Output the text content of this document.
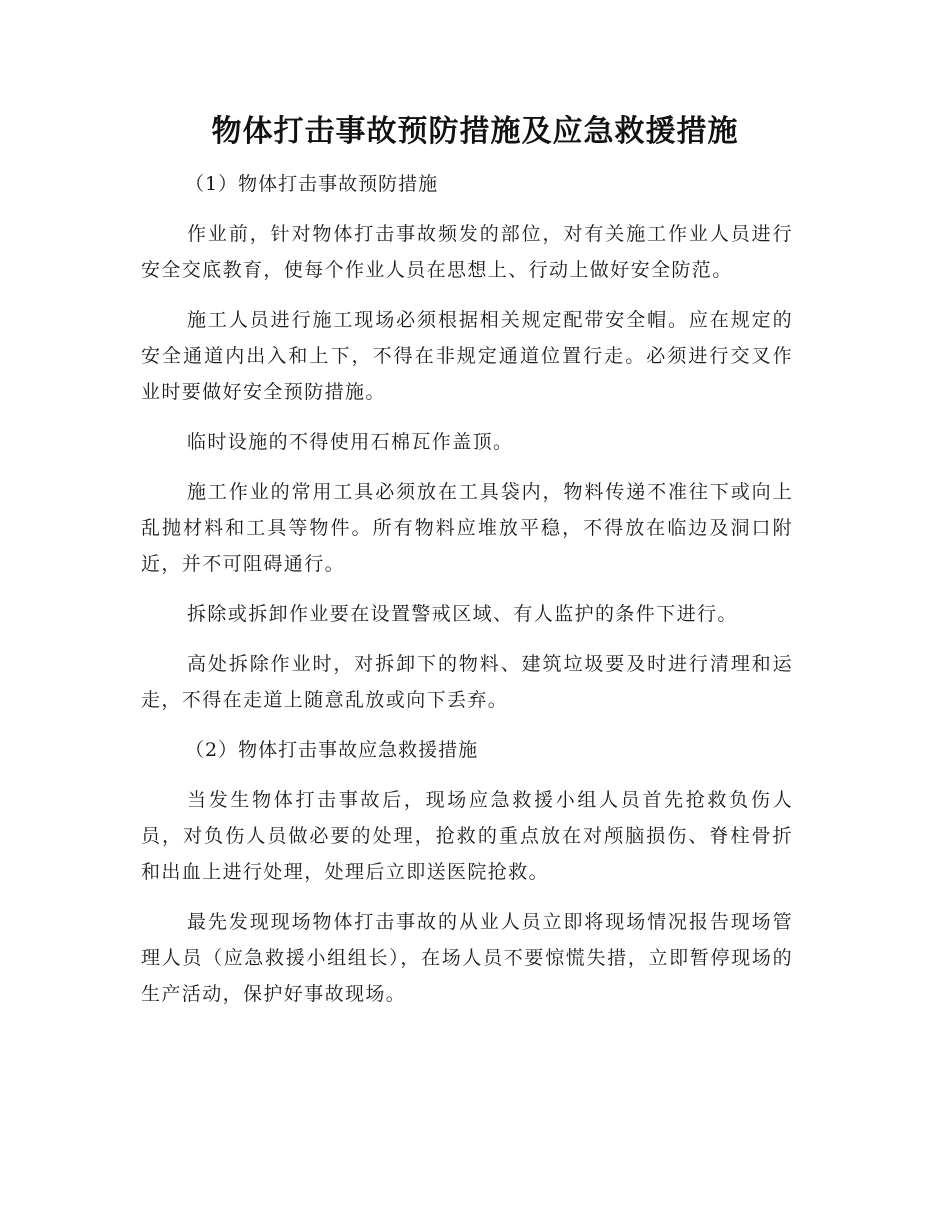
物体打击事故预防措施及应急救援措施
（1）物体打击事故预防措施

作业前，针对物体打击事故频发的部位，对有关施工作业人员进行安全交底教育，使每个作业人员在思想上、行动上做好安全防范。

施工人员进行施工现场必须根据相关规定配带安全帽。应在规定的安全通道内出入和上下，不得在非规定通道位置行走。必须进行交叉作业时要做好安全预防措施。

临时设施的不得使用石棉瓦作盖顶。

施工作业的常用工具必须放在工具袋内，物料传递不准往下或向上乱抛材料和工具等物件。所有物料应堆放平稳，不得放在临边及洞口附近，并不可阻碍通行。

拆除或拆卸作业要在设置警戒区域、有人监护的条件下进行。

高处拆除作业时，对拆卸下的物料、建筑垃圾要及时进行清理和运走，不得在走道上随意乱放或向下丢弃。

（2）物体打击事故应急救援措施

当发生物体打击事故后，现场应急救援小组人员首先抢救负伤人员，对负伤人员做必要的处理，抢救的重点放在对颅脑损伤、脊柱骨折和出血上进行处理，处理后立即送医院抢救。

最先发现现场物体打击事故的从业人员立即将现场情况报告现场管理人员（应急救援小组组长），在场人员不要惊慌失措，立即暂停现场的生产活动，保护好事故现场。
